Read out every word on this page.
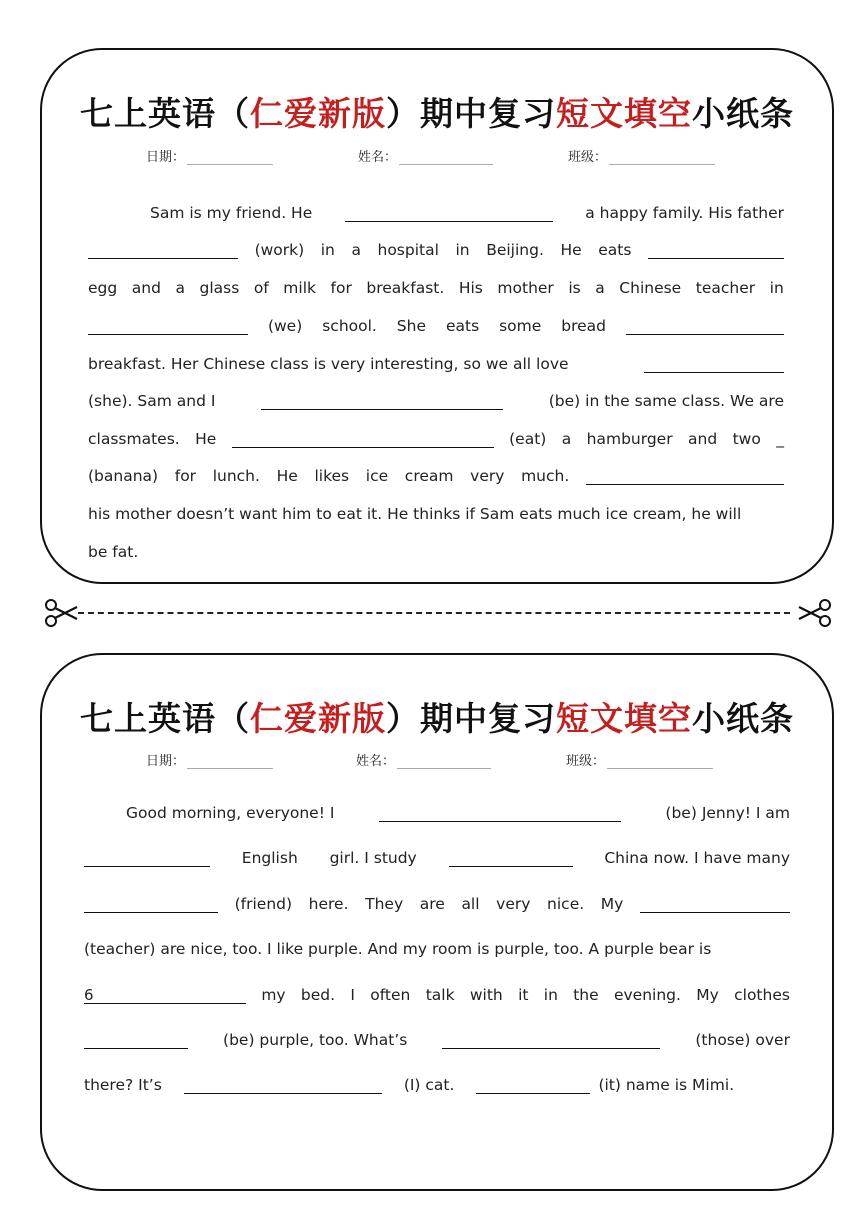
七上英语（仁爱新版）期中复习短文填空小纸条
日期：	姓名：	班级：
Sam is my friend. He	a happy family. His father
(work) in a hospital in Beijing. He eats
egg and a glass of milk for breakfast. His mother is a Chinese teacher in
(we) school. She eats some bread
breakfast. Her Chinese class is very interesting, so we all love
(she). Sam and I	(be) in the same class. We are
classmates. He	(eat) a hamburger and two _
(banana) for lunch. He likes ice cream very much.
his mother doesn’t want him to eat it. He thinks if Sam eats much ice cream, he will
be fat.
七上英语（仁爱新版）期中复习短文填空小纸条
日期：	姓名：	班级：
Good morning, everyone! I	(be) Jenny! I am
English girl. I study	China now. I have many
(friend) here. They are all very nice. My
(teacher) are nice, too. I like purple. And my room is purple, too. A purple bear is
6	my bed. I often talk with it in the evening. My clothes
(be) purple, too. What’s	(those) over
there? It’s	(I) cat.	(it) name is Mimi.
